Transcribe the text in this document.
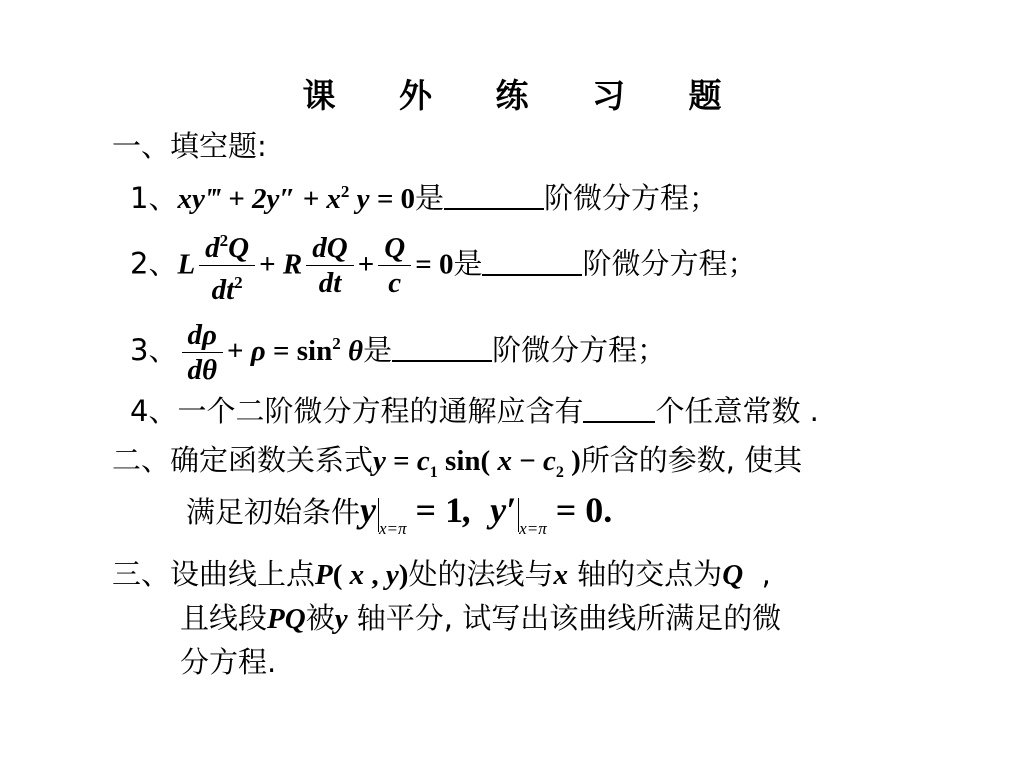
课 外 练 习 题
一、填空题:
1、xy‴ + $2y'' + x^2$ y = 0是	阶微分方程；
2、L $\frac{d^2Q}{dt^2} + R \frac{dQ}{dt} + \frac{Q}{c} = 0$是	阶微分方程；
3、 $\frac{d\rho}{d\theta} + \rho = \sin^2 \theta$是	阶微分方程；
4、一个二阶微分方程的通解应含有 个任意常数 .
二、确定函数关系式$y = c_1$ sin( $x - c_2$ )所含的参数, 使其
满足初始条件y $_{x=\pi}$ = 1,  y′ $_{x=\pi}$ = 0.
三、设曲线上点P( x , y)处的法线与x 轴的交点为Q  ,
且线段PQ被y 轴平分, 试写出该曲线所满足的微
分方程.
